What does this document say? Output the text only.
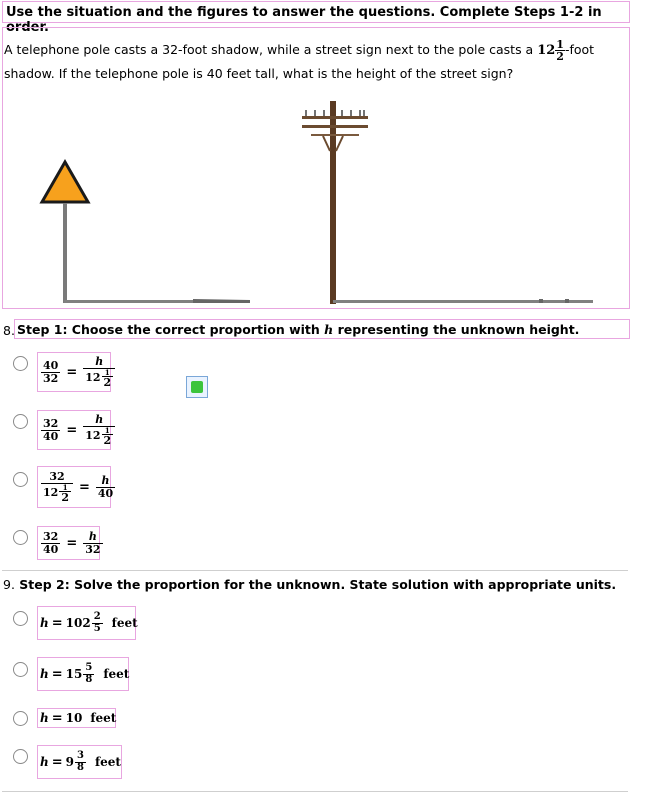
Use the situation and the figures to answer the questions. Complete Steps 1-2 in order.
A telephone pole casts a 32-foot shadow, while a street sign next to the pole casts a $12 \frac{1}{2}$ -foot shadow. If the telephone pole is 40 feet tall, what is the height of the street sign?
8. Step 1: Choose the correct proportion with h representing the unknown height.
$\frac{40}{32} = h$
12 1
2
$\frac{32}{40} = h$
12 1
2
32
12 1
$2 = \frac{h}{40}$
$\frac{32}{40} = \frac{h}{32}$
9. Step 2: Solve the proportion for the unknown. State solution with appropriate units.
h = 102 2
5 feet
h = 15 5
8 feet
h = 10 feet
h = 9 3
8 feet
